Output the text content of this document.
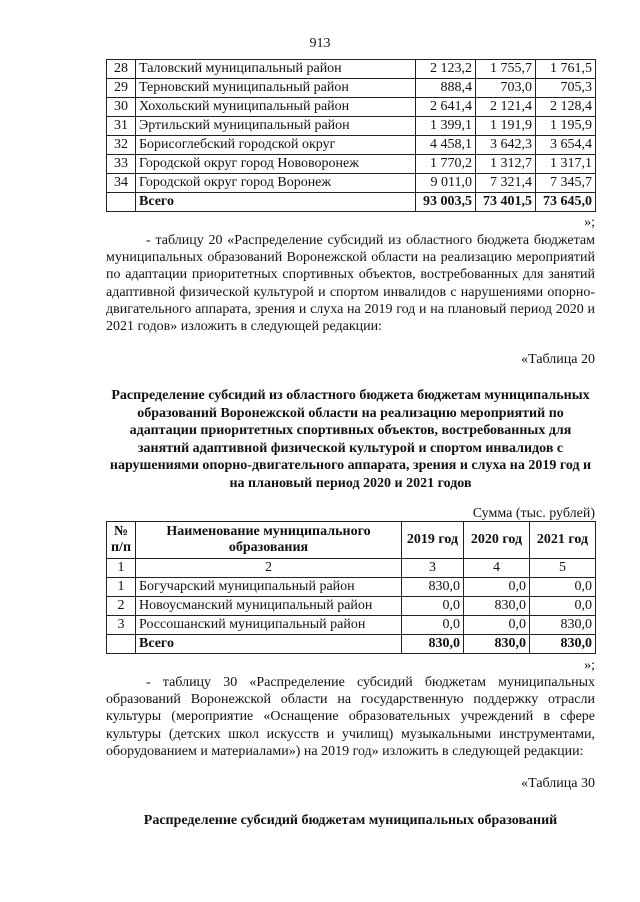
913
28	Таловский муниципальный район	2 123,2	1 755,7	1 761,5
29	Терновский муниципальный район	888,4	703,0	705,3
30	Хохольский муниципальный район	2 641,4	2 121,4	2 128,4
31	Эртильский муниципальный район	1 399,1	1 191,9	1 195,9
32	Борисоглебский городской округ	4 458,1	3 642,3	3 654,4
33	Городской округ город Нововоронеж	1 770,2	1 312,7	1 317,1
34	Городской округ город Воронеж	9 011,0	7 321,4	7 345,7
	Всего	93 003,5	73 401,5	73 645,0
»;
- таблицу 20 «Распределение субсидий из областного бюджета бюджетам муниципальных образований Воронежской области на реализацию мероприятий по адаптации приоритетных спортивных объектов, востребованных для занятий адаптивной физической культурой и спортом инвалидов с нарушениями опорно-двигательного аппарата, зрения и слуха на 2019 год и на плановый период 2020 и 2021 годов» изложить в следующей редакции:
«Таблица 20
Распределение субсидий из областного бюджета бюджетам муниципальных образований Воронежской области на реализацию мероприятий по адаптации приоритетных спортивных объектов, востребованных для занятий адаптивной физической культурой и спортом инвалидов с нарушениями опорно-двигательного аппарата, зрения и слуха на 2019 год и на плановый период 2020 и 2021 годов
Сумма (тыс. рублей)
№ п/п	Наименование муниципального образования	2019 год	2020 год	2021 год
1	2	3	4	5
1	Богучарский муниципальный район	830,0	0,0	0,0
2	Новоусманский муниципальный район	0,0	830,0	0,0
3	Россошанский муниципальный район	0,0	0,0	830,0
	Всего	830,0	830,0	830,0
»;
- таблицу 30 «Распределение субсидий бюджетам муниципальных образований Воронежской области на государственную поддержку отрасли культуры (мероприятие «Оснащение образовательных учреждений в сфере культуры (детских школ искусств и училищ) музыкальными инструментами, оборудованием и материалами») на 2019 год» изложить в следующей редакции:
«Таблица 30
Распределение субсидий бюджетам муниципальных образований
